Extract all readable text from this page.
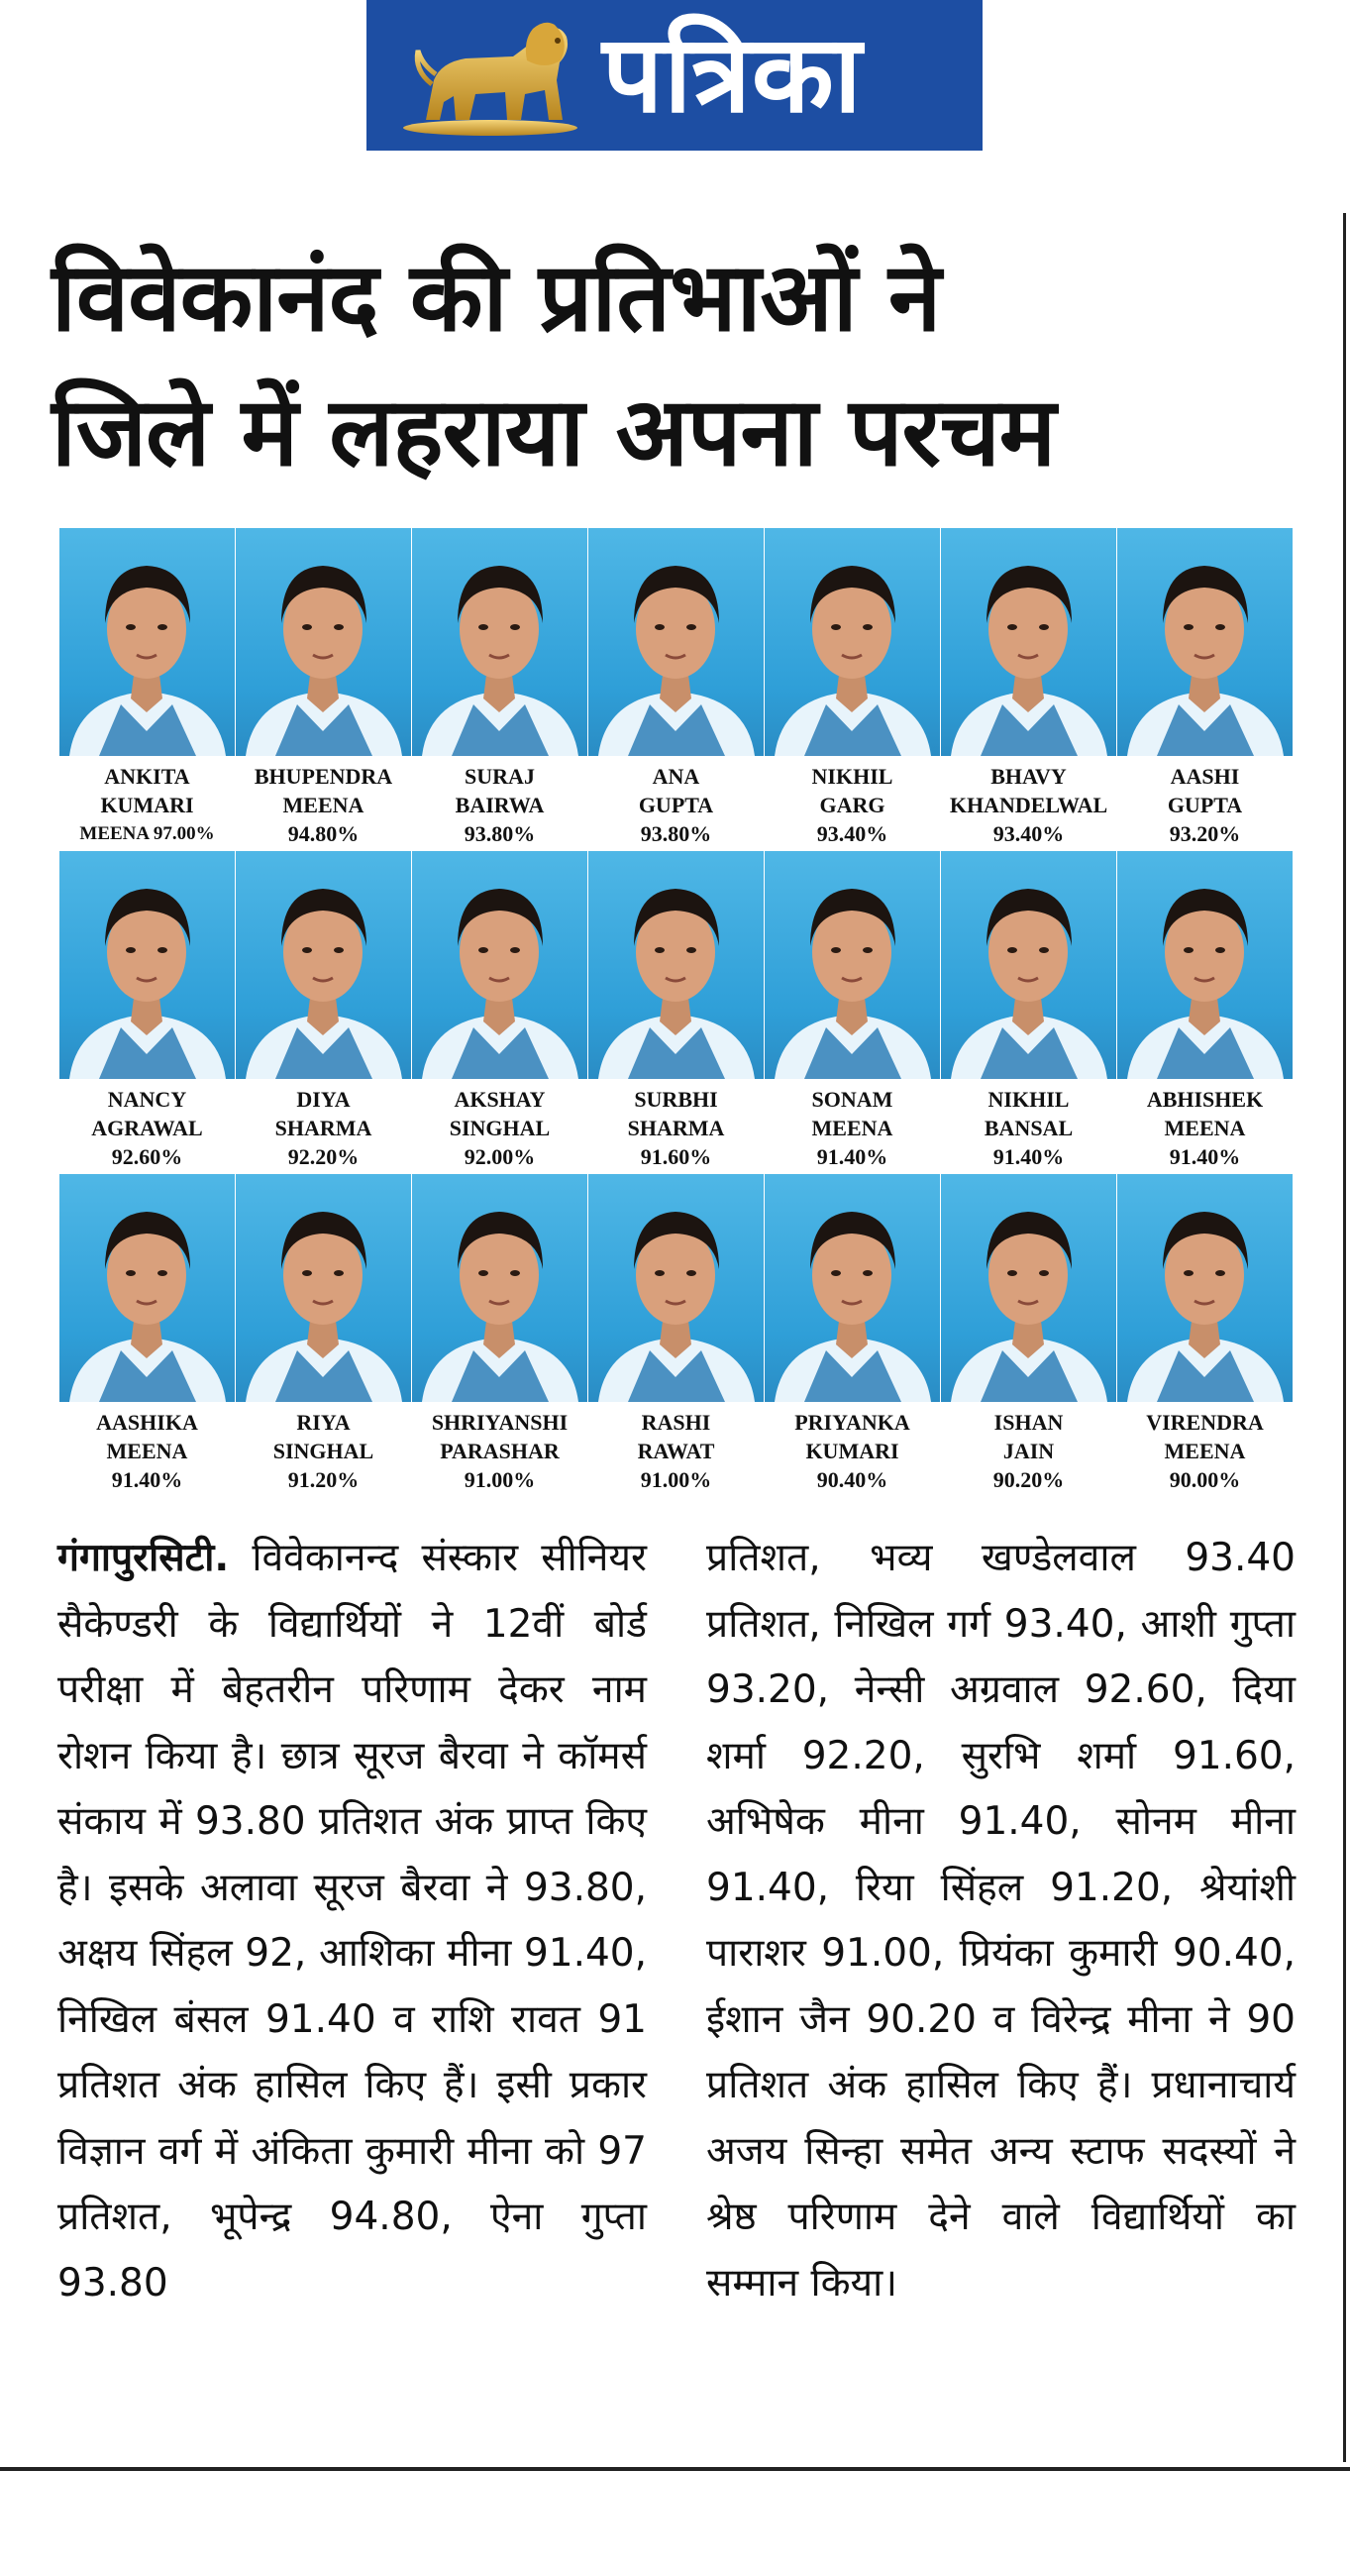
पत्रिका
विवेकानंद की प्रतिभाओं ने
जिले में लहराया अपना परचम
ANKITA
KUMARI
MEENA 97.00%
BHUPENDRA
MEENA
94.80%
SURAJ
BAIRWA
93.80%
ANA
GUPTA
93.80%
NIKHIL
GARG
93.40%
BHAVY
KHANDELWAL
93.40%
AASHI
GUPTA
93.20%
NANCY
AGRAWAL
92.60%
DIYA
SHARMA
92.20%
AKSHAY
SINGHAL
92.00%
SURBHI
SHARMA
91.60%
SONAM
MEENA
91.40%
NIKHIL
BANSAL
91.40%
ABHISHEK
MEENA
91.40%
AASHIKA
MEENA
91.40%
RIYA
SINGHAL
91.20%
SHRIYANSHI
PARASHAR
91.00%
RASHI
RAWAT
91.00%
PRIYANKA
KUMARI
90.40%
ISHAN
JAIN
90.20%
VIRENDRA
MEENA
90.00%

गंगापुरसिटी. विवेकानन्द संस्कार सीनियर सैकेण्डरी के विद्यार्थियों ने 12वीं बोर्ड परीक्षा में बेहतरीन परिणाम देकर नाम रोशन किया है। छात्र सूरज बैरवा ने कॉमर्स संकाय में 93.80 प्रतिशत अंक प्राप्त किए है। इसके अलावा सूरज बैरवा ने 93.80, अक्षय सिंहल 92, आशिका मीना 91.40, निखिल बंसल 91.40 व राशि रावत 91 प्रतिशत अंक हासिल किए हैं। इसी प्रकार विज्ञान वर्ग में अंकिता कुमारी मीना को 97 प्रतिशत, भूपेन्द्र 94.80, ऐना गुप्ता 93.80

प्रतिशत, भव्य खण्डेलवाल 93.40 प्रतिशत, निखिल गर्ग 93.40, आशी गुप्ता 93.20, नेन्सी अग्रवाल 92.60, दिया शर्मा 92.20, सुरभि शर्मा 91.60, अभिषेक मीना 91.40, सोनम मीना 91.40, रिया सिंहल 91.20, श्रेयांशी पाराशर 91.00, प्रियंका कुमारी 90.40, ईशान जैन 90.20 व विरेन्द्र मीना ने 90 प्रतिशत अंक हासिल किए हैं। प्रधानाचार्य अजय सिन्हा समेत अन्य स्टाफ सदस्यों ने श्रेष्ठ परिणाम देने वाले विद्यार्थियों का सम्मान किया।
